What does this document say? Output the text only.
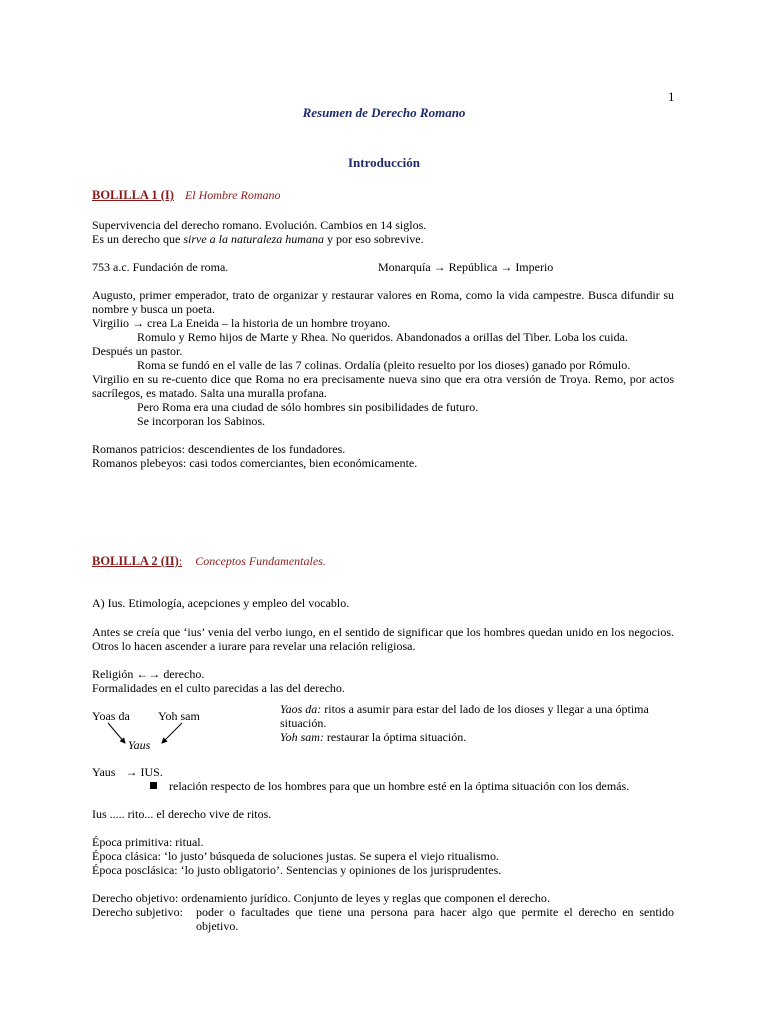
1
Resumen de Derecho Romano
Introducción
BOLILLA 1 (I) El Hombre Romano
Supervivencia del derecho romano. Evolución. Cambios en 14 siglos.
Es un derecho que sirve a la naturaleza humana y por eso sobrevive.
753 a.c. Fundación de roma.	Monarquía → República → Imperio
Augusto, primer emperador, trato de organizar y restaurar valores en Roma, como la vida campestre. Busca difundir su nombre y busca un poeta.
Virgilio → crea La Eneida – la historia de un hombre troyano.
Romulo y Remo hijos de Marte y Rhea. No queridos. Abandonados a orillas del Tiber. Loba los cuida.
Después un pastor.
Roma se fundó en el valle de las 7 colinas. Ordalía (pleito resuelto por los dioses) ganado por Rómulo.
Virgilio en su re-cuento dice que Roma no era precisamente nueva sino que era otra versión de Troya. Remo, por actos sacrílegos, es matado. Salta una muralla profana.
Pero Roma era una ciudad de sólo hombres sin posibilidades de futuro.
Se incorporan los Sabinos.
Romanos patricios: descendientes de los fundadores.
Romanos plebeyos: casi todos comerciantes, bien económicamente.
BOLILLA 2 (II): Conceptos Fundamentales.
A) Ius. Etimología, acepciones y empleo del vocablo.
Antes se creía que ‘ius’ venia del verbo iungo, en el sentido de significar que los hombres quedan unido en los negocios. Otros lo hacen ascender a iurare para revelar una relación religiosa.
Religión ←→ derecho.
Formalidades en el culto parecidas a las del derecho.
Yoas da Yoh sam
Yaus
Yaos da: ritos a asumir para estar del lado de los dioses y llegar a una óptima situación.
Yoh sam: restaurar la óptima situación.
Yaus → IUS.
relación respecto de los hombres para que un hombre esté en la óptima situación con los demás.
Ius ..... rito... el derecho vive de ritos.
Época primitiva: ritual.
Época clásica: ‘lo justo’ búsqueda de soluciones justas. Se supera el viejo ritualismo.
Época posclásica: ‘lo justo obligatorio’. Sentencias y opiniones de los jurisprudentes.
Derecho objetivo: ordenamiento jurídico. Conjunto de leyes y reglas que componen el derecho.
Derecho subjetivo: poder o facultades que tiene una persona para hacer algo que permite el derecho en sentido objetivo.
